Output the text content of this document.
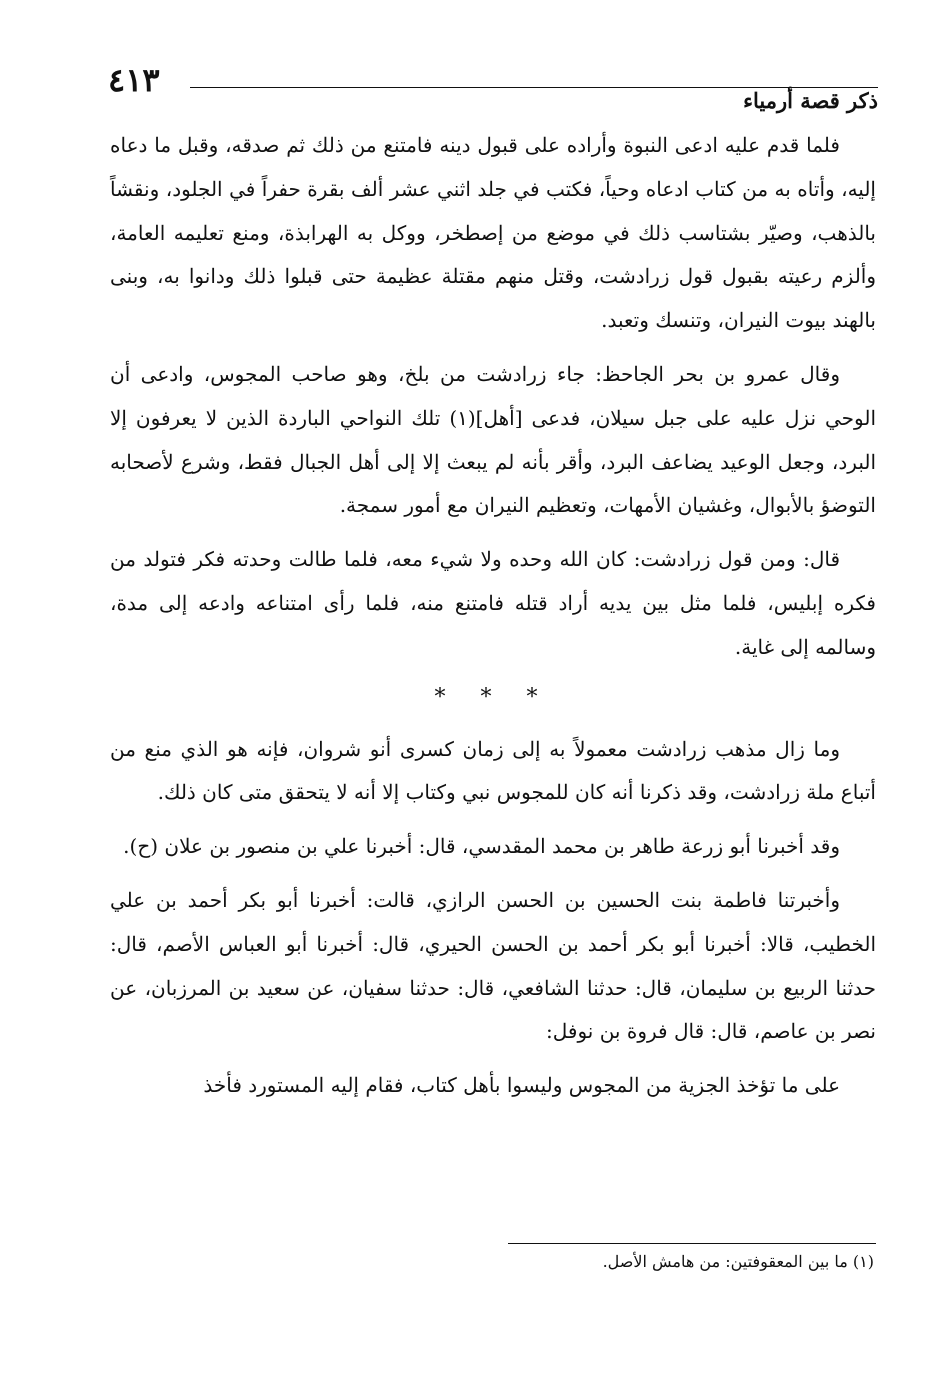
٤١٣
ذكر قصة أرمياء

فلما قدم عليه ادعى النبوة وأراده على قبول دينه فامتنع من ذلك ثم صدقه، وقبل ما دعاه إليه، وأتاه به من كتاب ادعاه وحياً، فكتب في جلد اثني عشر ألف بقرة حفراً في الجلود، ونقشاً بالذهب، وصيّر بشتاسب ذلك في موضع من إصطخر، ووكل به الهرابذة، ومنع تعليمه العامة، وألزم رعيته بقبول قول زرادشت، وقتل منهم مقتلة عظيمة حتى قبلوا ذلك ودانوا به، وبنى بالهند بيوت النيران، وتنسك وتعبد.

وقال عمرو بن بحر الجاحظ: جاء زرادشت من بلخ، وهو صاحب المجوس، وادعى أن الوحي نزل عليه على جبل سيلان، فدعى [أهل](١) تلك النواحي الباردة الذين لا يعرفون إلا البرد، وجعل الوعيد يضاعف البرد، وأقر بأنه لم يبعث إلا إلى أهل الجبال فقط، وشرع لأصحابه التوضؤ بالأبوال، وغشيان الأمهات، وتعظيم النيران مع أمور سمجة.

قال: ومن قول زرادشت: كان الله وحده ولا شيء معه، فلما طالت وحدته فكر فتولد من فكره إبليس، فلما مثل بين يديه أراد قتله فامتنع منه، فلما رأى امتناعه وادعه إلى مدة، وسالمه إلى غاية.

* * *

وما زال مذهب زرادشت معمولاً به إلى زمان كسرى أنو شروان، فإنه هو الذي منع من أتباع ملة زرادشت، وقد ذكرنا أنه كان للمجوس نبي وكتاب إلا أنه لا يتحقق متى كان ذلك.

وقد أخبرنا أبو زرعة طاهر بن محمد المقدسي، قال: أخبرنا علي بن منصور بن علان (ح).

وأخبرتنا فاطمة بنت الحسين بن الحسن الرازي، قالت: أخبرنا أبو بكر أحمد بن علي الخطيب، قالا: أخبرنا أبو بكر أحمد بن الحسن الحيري، قال: أخبرنا أبو العباس الأصم، قال: حدثنا الربيع بن سليمان، قال: حدثنا الشافعي، قال: حدثنا سفيان، عن سعيد بن المرزبان، عن نصر بن عاصم، قال: قال فروة بن نوفل:

على ما تؤخذ الجزية من المجوس وليسوا بأهل كتاب، فقام إليه المستورد فأخذ

(١) ما بين المعقوفتين: من هامش الأصل.
